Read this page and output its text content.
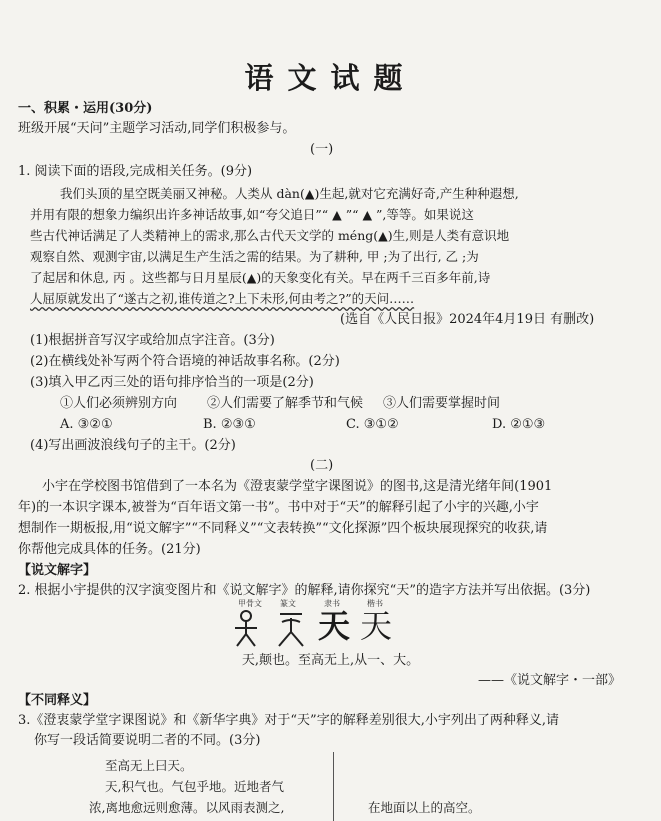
语文试题
一、积累・运用(30分)
班级开展“天问”主题学习活动,同学们积极参与。
(一)
1. 阅读下面的语段,完成相关任务。(9分)
我们头顶的星空既美丽又神秘。人类从 dàn(▲)生起,就对它充满好奇,产生种种遐想,
并用有限的想象力编织出许多神话故事,如“夸父追日”“ ▲ ”“ ▲ ”,等等。如果说这
些古代神话满足了人类精神上的需求,那么古代天文学的 méng(▲)生,则是人类有意识地
观察自然、观测宇宙,以满足生产生活之需的结果。为了耕种, 甲 ;为了出行, 乙 ;为
了起居和休息, 丙 。这些都与日月星辰(▲)的天象变化有关。早在两千三百多年前,诗
人屈原就发出了“遂古之初,谁传道之?上下未形,何由考之?”的天问……
(选自《人民日报》2024年4月19日 有删改)
(1)根据拼音写汉字或给加点字注音。(3分)
(2)在横线处补写两个符合语境的神话故事名称。(2分)
(3)填入甲乙丙三处的语句排序恰当的一项是(2分)
①人们必须辨别方向 ②人们需要了解季节和气候 ③人们需要掌握时间
A. ③②①	B. ②③①	C. ③①②	D. ②①③
(4)写出画波浪线句子的主干。(2分)
(二)
小宇在学校图书馆借到了一本名为《澄衷蒙学堂字课图说》的图书,这是清光绪年间(1901
年)的一本识字课本,被誉为“百年语文第一书”。书中对于“天”的解释引起了小宇的兴趣,小宇
想制作一期板报,用“说文解字”“不同释义”“文表转换”“文化探源”四个板块展现探究的收获,请
你帮他完成具体的任务。(21分)
【说文解字】
2. 根据小宇提供的汉字演变图片和《说文解字》的解释,请你探究“天”的造字方法并写出依据。(3分)
甲骨文 篆文	隶书	楷书
天 天
天,颠也。至高无上,从一、大。
——《说文解字・一部》
【不同释义】
3.《澄衷蒙学堂字课图说》和《新华字典》对于“天”字的解释差别很大,小宇列出了两种释义,请
你写一段话简要说明二者的不同。(3分)
至高无上曰天。
天,积气也。气包乎地。近地者气
浓,离地愈远则愈薄。以风雨表测之,	在地面以上的高空。
